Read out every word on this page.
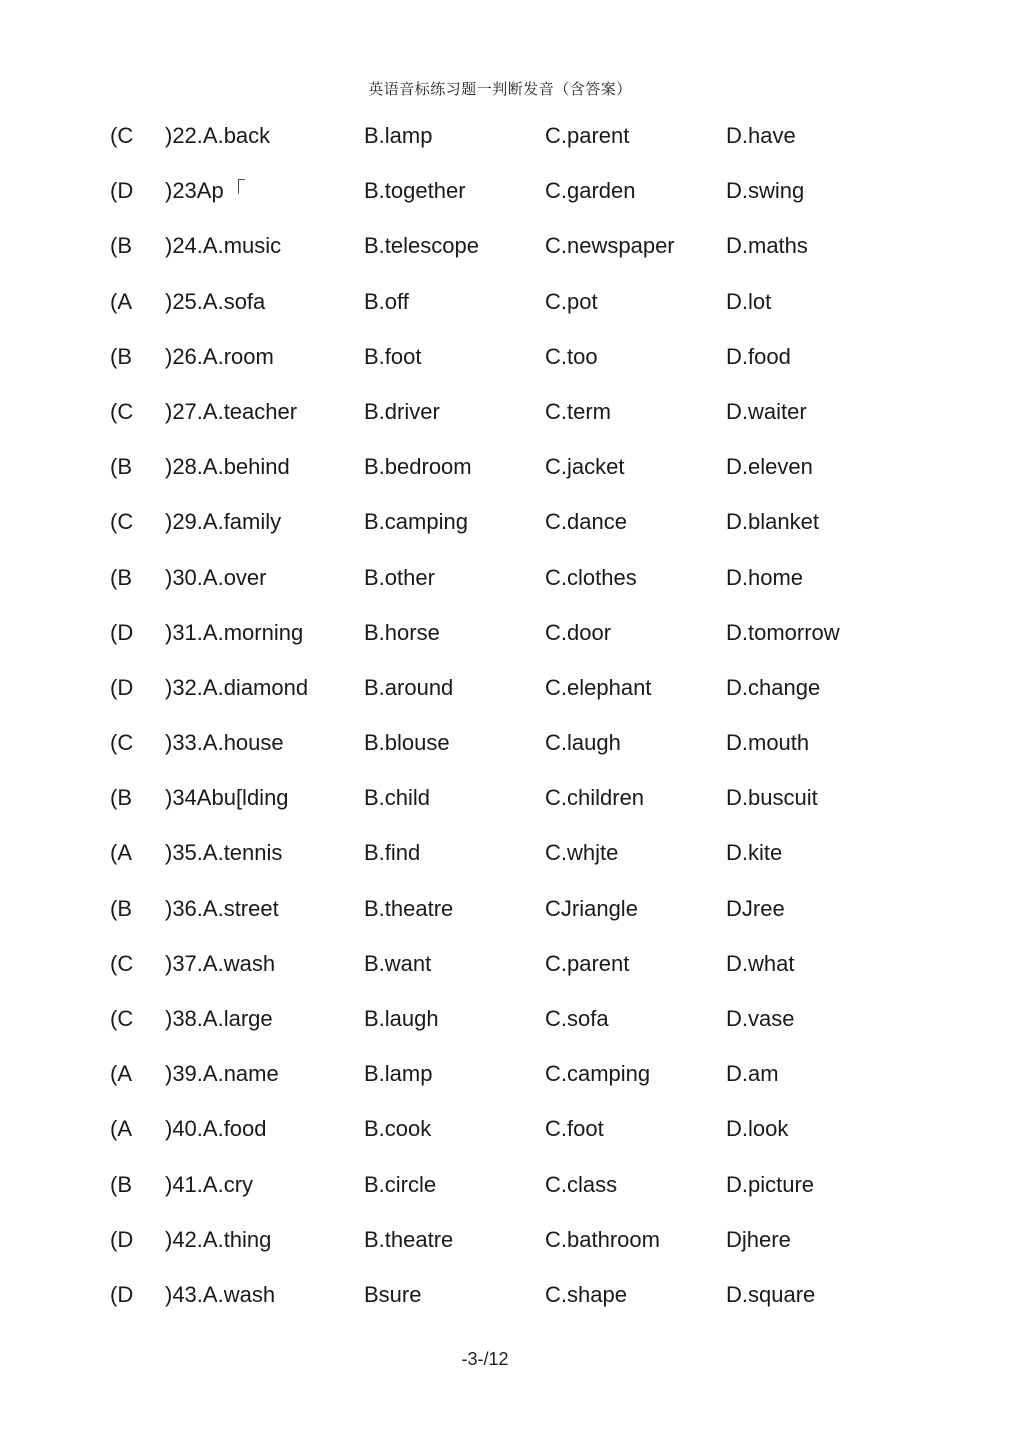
英语音标练习题一判断发音（含答案）
(C )22.A.back	B.lamp	C.parent	D.have
(D )23Ap「	B.together	C.garden	D.swing
(B )24.A.music	B.telescope	C.newspaper D.maths
(A )25.A.sofa	B.off	C.pot	D.lot
(B )26.A.room	B.foot	C.too	D.food
(C )27.A.teacher	B.driver	C.term	D.waiter
(B )28.A.behind	B.bedroom	C.jacket	D.eleven
(C )29.A.family	B.camping	C.dance	D.blanket
(B )30.A.over	B.other	C.clothes	D.home
(D )31.A.morning	B.horse	C.door	D.tomorrow
(D )32.A.diamond	B.around	C.elephant	D.change
(C )33.A.house	B.blouse	C.laugh	D.mouth
(B )34Abu[lding	B.child	C.children	D.buscuit
(A )35.A.tennis	B.find	C.whjte	D.kite
(B )36.A.street	B.theatre	CJriangle	DJree
(C )37.A.wash	B.want	C.parent	D.what
(C )38.A.large	B.laugh	C.sofa	D.vase
(A )39.A.name	B.lamp	C.camping	D.am
(A )40.A.food	B.cook	C.foot	D.look
(B )41.A.cry	B.circle	C.class	D.picture
(D )42.A.thing	B.theatre	C.bathroom	Djhere
(D )43.A.wash	Bsure	C.shape	D.square
-3-/12
